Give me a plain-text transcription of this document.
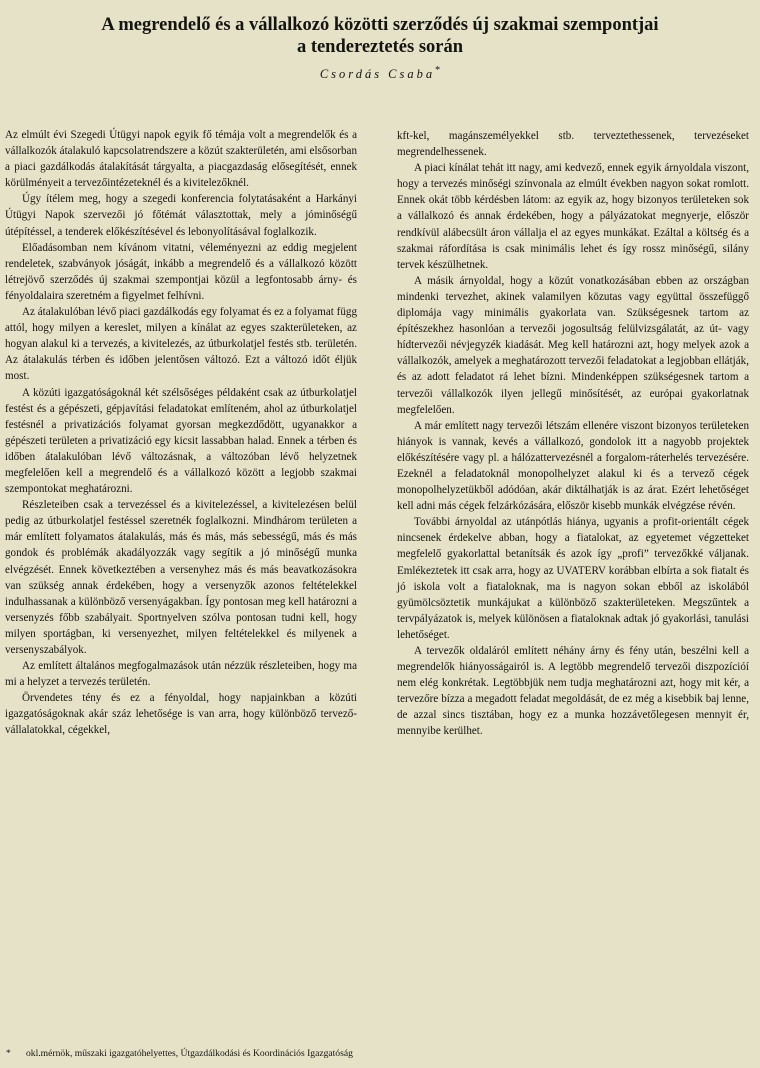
A megrendelő és a vállalkozó közötti szerződés új szakmai szempontjai
a tendereztetés során
Csordás Csaba*

Az elmúlt évi Szegedi Útügyi napok egyik fő témája volt a megrendelők és a vállalkozók átalakuló kapcsolatrendszere a közút szakterületén, ami elsősorban a piaci gazdálkodás átalakítását tárgyalta, a piacgazdaság elősegítését, ennek körülményeit a tervezőintézeteknél és a kivitelezőknél.

Úgy ítélem meg, hogy a szegedi konferencia folytatásaként a Harkányi Útügyi Napok szervezői jó főtémát választottak, mely a jóminőségű útépítéssel, a tenderek előkészítésével és lebonyolításával foglalkozik.

Előadásomban nem kívánom vitatni, véleményezni az eddig megjelent rendeletek, szabványok jóságát, inkább a megrendelő és a vállalkozó között létrejövő szerződés új szakmai szempontjai közül a legfontosabb árny- és fényoldalaira szeretném a figyelmet felhívni.

Az átalakulóban lévő piaci gazdálkodás egy folyamat és ez a folyamat függ attól, hogy milyen a kereslet, milyen a kínálat az egyes szakterületeken, az hogyan alakul ki a tervezés, a kivitelezés, az útburkolatjel festés stb. területén. Az átalakulás térben és időben jelentősen változó. Ezt a változó időt éljük most.

A közúti igazgatóságoknál két szélsőséges példaként csak az útburkolatjel festést és a gépészeti, gépjavítási feladatokat említeném, ahol az útburkolatjel festésnél a privatizációs folyamat gyorsan megkezdődött, ugyanakkor a gépészeti területen a privatizáció egy kicsit lassabban halad. Ennek a térben és időben átalakulóban lévő változásnak, a változóban lévő helyzetnek megfelelően kell a megrendelő és a vállalkozó között a legjobb szakmai szempontokat meghatározni.

Részleteiben csak a tervezéssel és a kivitelezéssel, a kivitelezésen belül pedig az útburkolatjel festéssel szeretnék foglalkozni. Mindhárom területen a már említett folyamatos átalakulás, más és más, más sebességű, más és más gondok és problémák akadályozzák vagy segítik a jó minőségű munka elvégzését. Ennek következtében a versenyhez más és más beavatkozásokra van szükség annak érdekében, hogy a versenyzők azonos feltételekkel indulhassanak a különböző versenyágakban. Így pontosan meg kell határozni a versenyzés főbb szabályait. Sportnyelven szólva pontosan tudni kell, hogy milyen sportágban, ki versenyezhet, milyen feltételekkel és milyenek a versenyszabályok.

Az említett általános megfogalmazások után nézzük részleteiben, hogy ma mi a helyzet a tervezés területén.

Örvendetes tény és ez a fényoldal, hogy napjainkban a közúti igazgatóságoknak akár száz lehetősége is van arra, hogy különböző tervező-vállalatokkal, cégekkel,

kft-kel, magánszemélyekkel stb. terveztethessenek, tervezéseket megrendelhessenek.

A piaci kínálat tehát itt nagy, ami kedvező, ennek egyik árnyoldala viszont, hogy a tervezés minőségi színvonala az elmúlt években nagyon sokat romlott. Ennek okát több kérdésben látom: az egyik az, hogy bizonyos területeken sok a vállalkozó és annak érdekében, hogy a pályázatokat megnyerje, először rendkívül alábecsült áron vállalja el az egyes munkákat. Ezáltal a költség és a szakmai ráfordítása is csak minimális lehet és így rossz minőségű, silány tervek készülhetnek.

A másik árnyoldal, hogy a közút vonatkozásában ebben az országban mindenki tervezhet, akinek valamilyen közutas vagy együttal összefüggő diplomája vagy minimális gyakorlata van. Szükségesnek tartom az építészekhez hasonlóan a tervezői jogosultság felülvizsgálatát, az út- vagy hídtervezői névjegyzék kiadását. Meg kell határozni azt, hogy melyek azok a vállalkozók, amelyek a meghatározott tervezői feladatokat a legjobban ellátják, és az adott feladatot rá lehet bízni. Mindenképpen szükségesnek tartom a tervezői vállalkozók ilyen jellegű minősítését, az európai gyakorlatnak megfelelően.

A már említett nagy tervezői létszám ellenére viszont bizonyos területeken hiányok is vannak, kevés a vállalkozó, gondolok itt a nagyobb projektek előkészítésére vagy pl. a hálózattervezésnél a forgalom-ráterhelés tervezésére. Ezeknél a feladatoknál monopolhelyzet alakul ki és a tervező cégek monopolhelyzetükből adódóan, akár diktálhatják is az árat. Ezért lehetőséget kell adni más cégek felzárkózására, először kisebb munkák elvégzése révén.

További árnyoldal az utánpótlás hiánya, ugyanis a profit-orientált cégek nincsenek érdekelve abban, hogy a fiatalokat, az egyetemet végzetteket megfelelő gyakorlattal betanítsák és azok így „profi” tervezőkké váljanak. Emlékeztetek itt csak arra, hogy az UVATERV korábban elbírta a sok fiatalt és jó iskola volt a fiataloknak, ma is nagyon sokan ebből az iskolából gyümölcsöztetik munkájukat a különböző szakterületeken. Megszűntek a tervpályázatok is, melyek különösen a fiataloknak adtak jó gyakorlási, tanulási lehetőséget.

A tervezők oldaláról említett néhány árny és fény után, beszélni kell a megrendelők hiányosságairól is. A legtöbb megrendelő tervezői diszpozícióí nem elég konkrétak. Legtöbbjük nem tudja meghatározni azt, hogy mit kér, a tervezőre bízza a megadott feladat megoldását, de ez még a kisebbik baj lenne, de azzal sincs tisztában, hogy ez a munka hozzávetőlegesen mennyit ér, mennyibe kerülhet.

* okl.mérnök, műszaki igazgatóhelyettes, Útgazdálkodási és Koordinációs Igazgatóság
